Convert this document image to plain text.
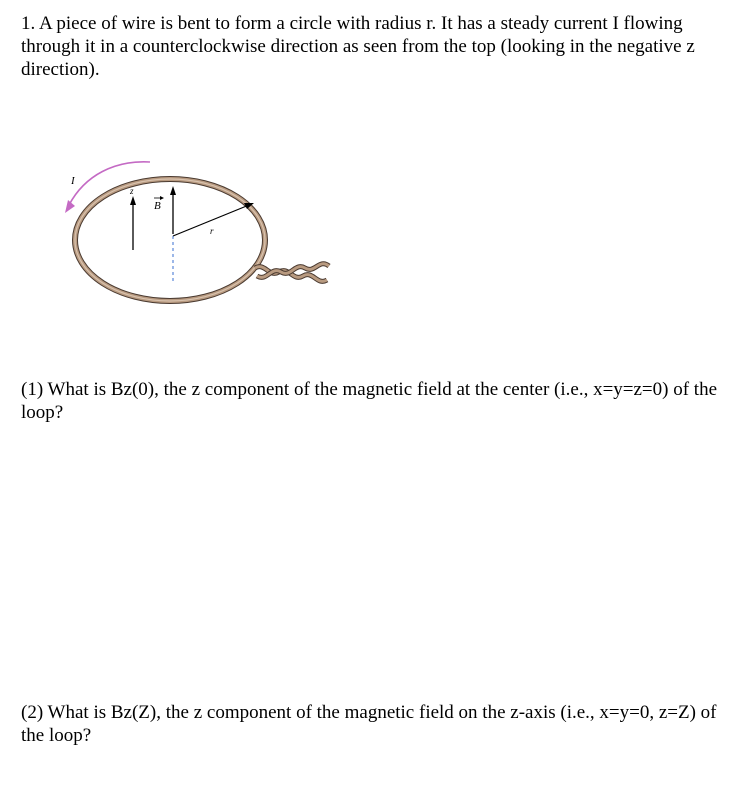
1. A piece of wire is bent to form a circle with radius r. It has a steady current I flowing through it in a counterclockwise direction as seen from the top (looking in the negative z direction).

I
z
B
r

(1) What is Bz(0), the z component of the magnetic field at the center (i.e., x=y=z=0) of the loop?

(2) What is Bz(Z), the z component of the magnetic field on the z-axis (i.e., x=y=0, z=Z) of the loop?
